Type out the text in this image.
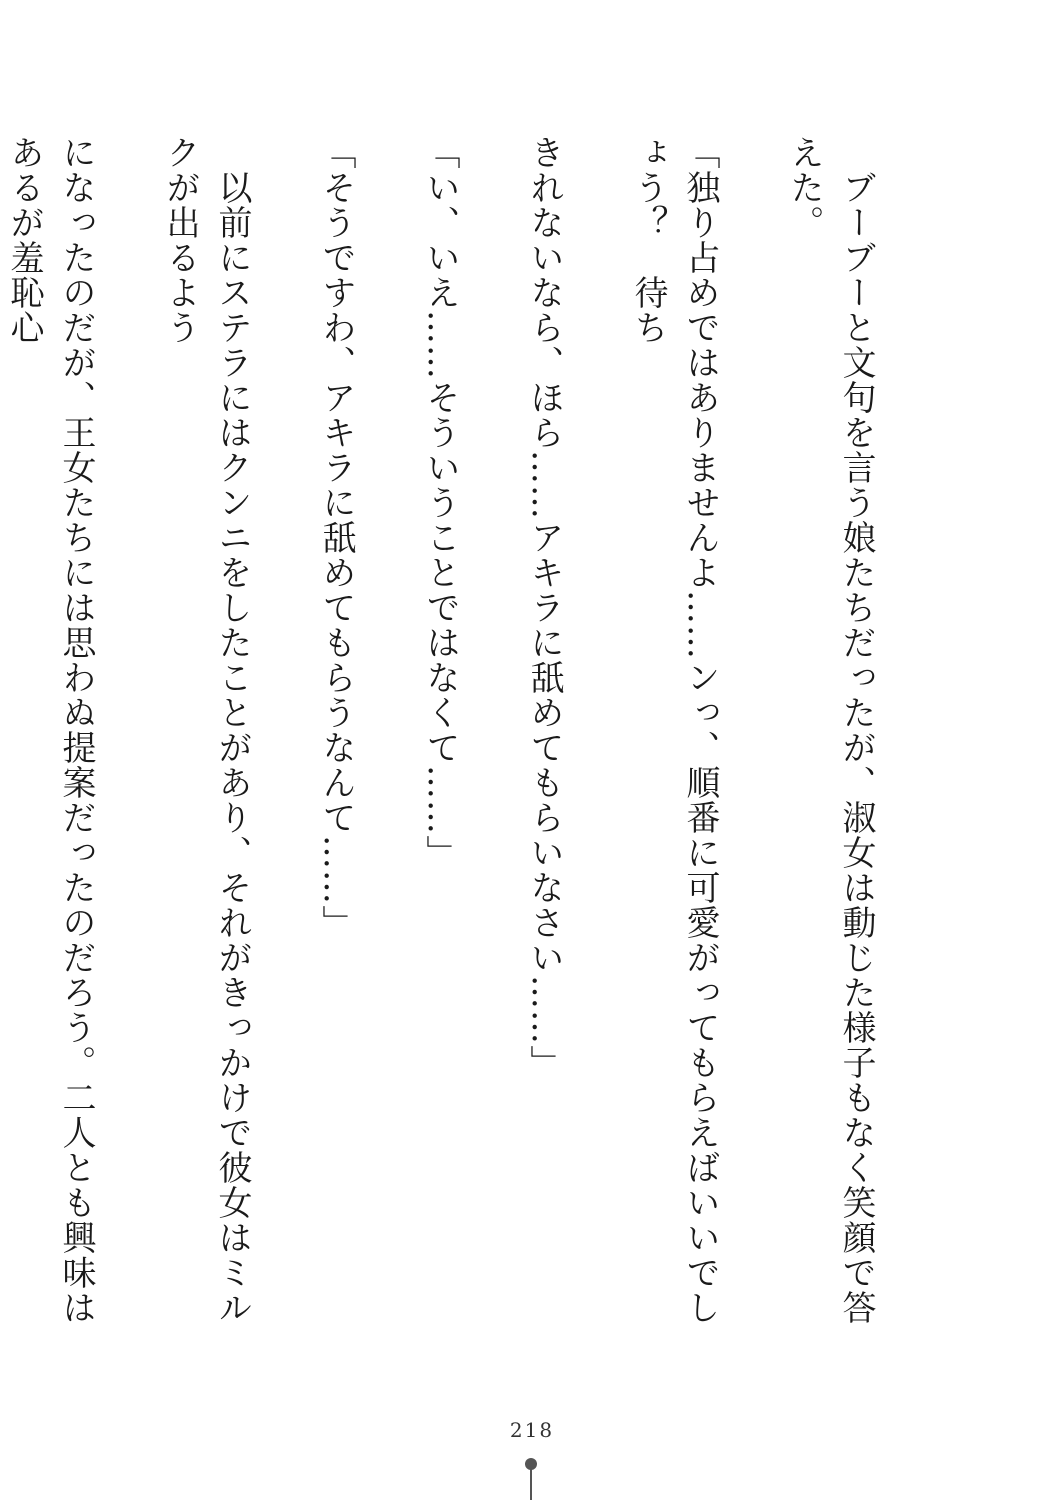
　ブーブーと文句を言う娘たちだったが、淑女は動じた様子もなく笑顔で答えた。

「独り占めではありませんよ……ンっ、順番に可愛がってもらえばいいでしょう？　待ち

きれないなら、ほら……アキラに舐めてもらいなさい……」

「い、いえ……そういうことではなくて……」

「そうですわ、アキラに舐めてもらうなんて……」

　以前にステラにはクンニをしたことがあり、それがきっかけで彼女はミルクが出るよう

になったのだが、王女たちには思わぬ提案だったのだろう。二人とも興味はあるが羞恥心

218
